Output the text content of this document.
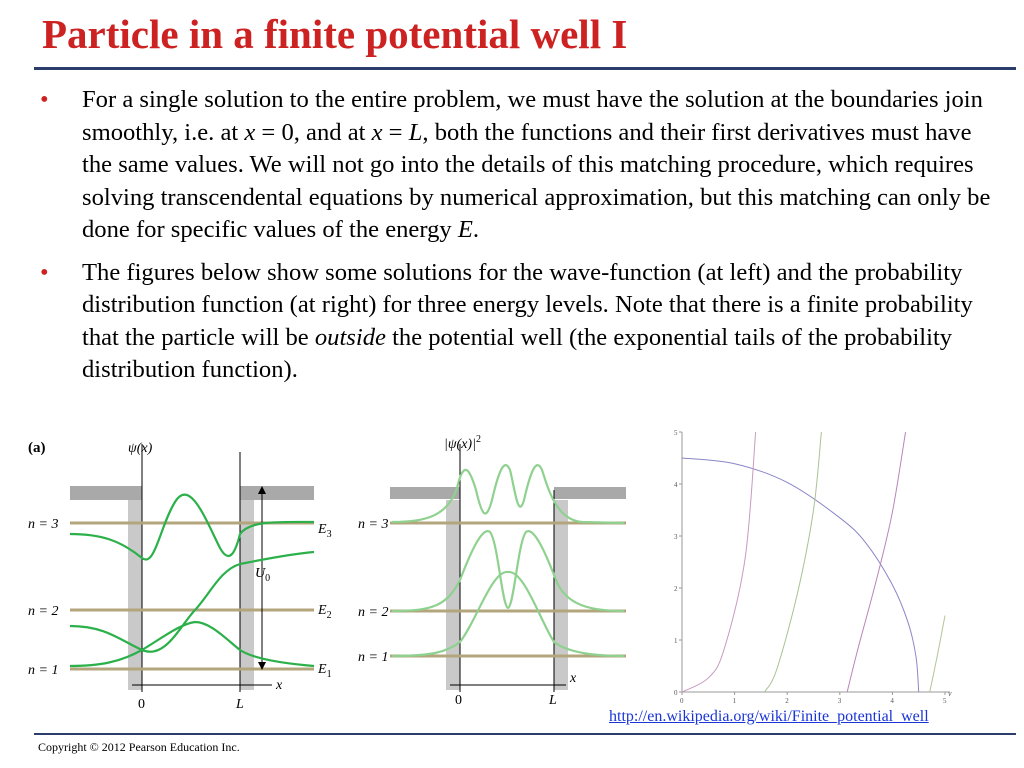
Particle in a finite potential well I
• For a single solution to the entire problem, we must have the solution at the boundaries join smoothly, i.e. at x = 0, and at x = L, both the functions and their first derivatives must have the same values. We will not go into the details of this matching procedure, which requires solving transcendental equations by numerical approximation, but this matching can only be done for specific values of the energy E.
• The figures below show some solutions for the wave-function (at left) and the probability distribution function (at right) for three energy levels. Note that there is a finite probability that the particle will be outside the potential well (the exponential tails of the probability distribution function).
(a)	ψ(x)
n = 3
n = 2
n = 1
$E_3$
$E_2$
$E_1$
$U_0$
x
0	L
$|\psi(x)|^2$
n = 3
n = 2
n = 1
x
0	L	ν
0	1	2	3	4	5
0
1
2
3
4
5
http://en.wikipedia.org/wiki/Finite_potential_well
Copyright © 2012 Pearson Education Inc.
